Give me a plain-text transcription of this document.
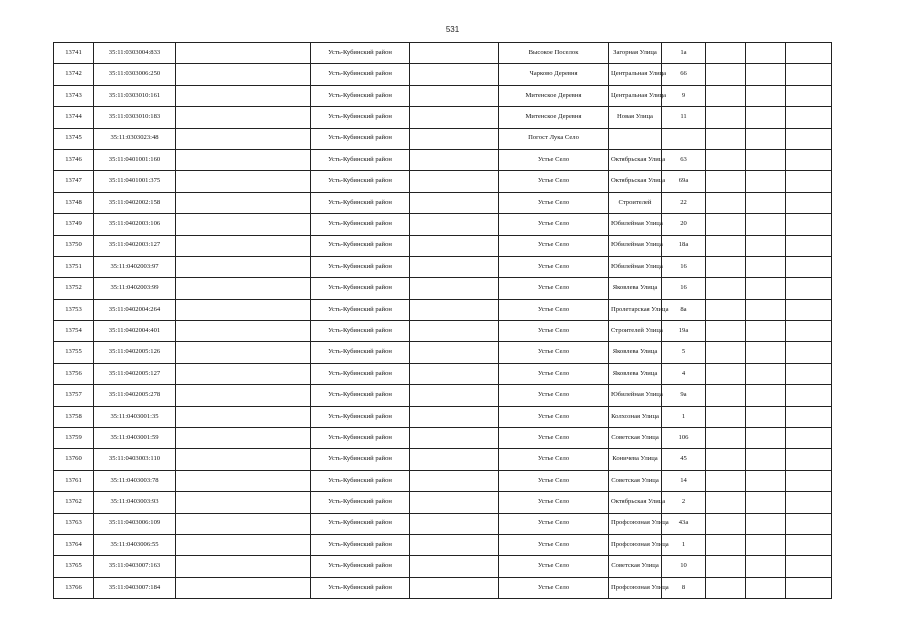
531
13741	35:11:0303004:833		Усть-Кубинский район		Высокое Поселок	Загорная Улица	1а			
13742	35:11:0303006:250		Усть-Кубинский район		Чарково Деревня	Центральная Улица	66			
13743	35:11:0303010:161		Усть-Кубинский район		Митенское Деревня	Центральная Улица	9			
13744	35:11:0303010:183		Усть-Кубинский район		Митенское Деревня	Новая Улица	11			
13745	35:11:0303023:48		Усть-Кубинский район		Погост Лука Село					
13746	35:11:0401001:160		Усть-Кубинский район		Устье Село	Октябрьская Улица	63			
13747	35:11:0401001:375		Усть-Кубинский район		Устье Село	Октябрьская Улица	69а			
13748	35:11:0402002:158		Усть-Кубинский район		Устье Село	Строителей	22			
13749	35:11:0402003:106		Усть-Кубинский район		Устье Село	Юбилейная Улица	20			
13750	35:11:0402003:127		Усть-Кубинский район		Устье Село	Юбилейная Улица	18а			
13751	35:11:0402003:97		Усть-Кубинский район		Устье Село	Юбилейная Улица	16			
13752	35:11:0402003:99		Усть-Кубинский район		Устье Село	Яковлева Улица	16			
13753	35:11:0402004:264		Усть-Кубинский район		Устье Село	Пролетарская Улица	8а			
13754	35:11:0402004:401		Усть-Кубинский район		Устье Село	Строителей Улица	19а			
13755	35:11:0402005:126		Усть-Кубинский район		Устье Село	Яковлева Улица	5			
13756	35:11:0402005:127		Усть-Кубинский район		Устье Село	Яковлева Улица	4			
13757	35:11:0402005:278		Усть-Кубинский район		Устье Село	Юбилейная Улица	9а			
13758	35:11:0403001:35		Усть-Кубинский район		Устье Село	Колхозная Улица	1			
13759	35:11:0403001:59		Усть-Кубинский район		Устье Село	Советская Улица	106			
13760	35:11:0403003:110		Усть-Кубинский район		Устье Село	Коничева Улица	45			
13761	35:11:0403003:78		Усть-Кубинский район		Устье Село	Советская Улица	14			
13762	35:11:0403003:93		Усть-Кубинский район		Устье Село	Октябрьская Улица	2			
13763	35:11:0403006:109		Усть-Кубинский район		Устье Село	Профсоюзная Улица	43а			
13764	35:11:0403006:55		Усть-Кубинский район		Устье Село	Профсоюзная Улица	1			
13765	35:11:0403007:163		Усть-Кубинский район		Устье Село	Советская Улица	10			
13766	35:11:0403007:184		Усть-Кубинский район		Устье Село	Профсоюзная Улица	8			
